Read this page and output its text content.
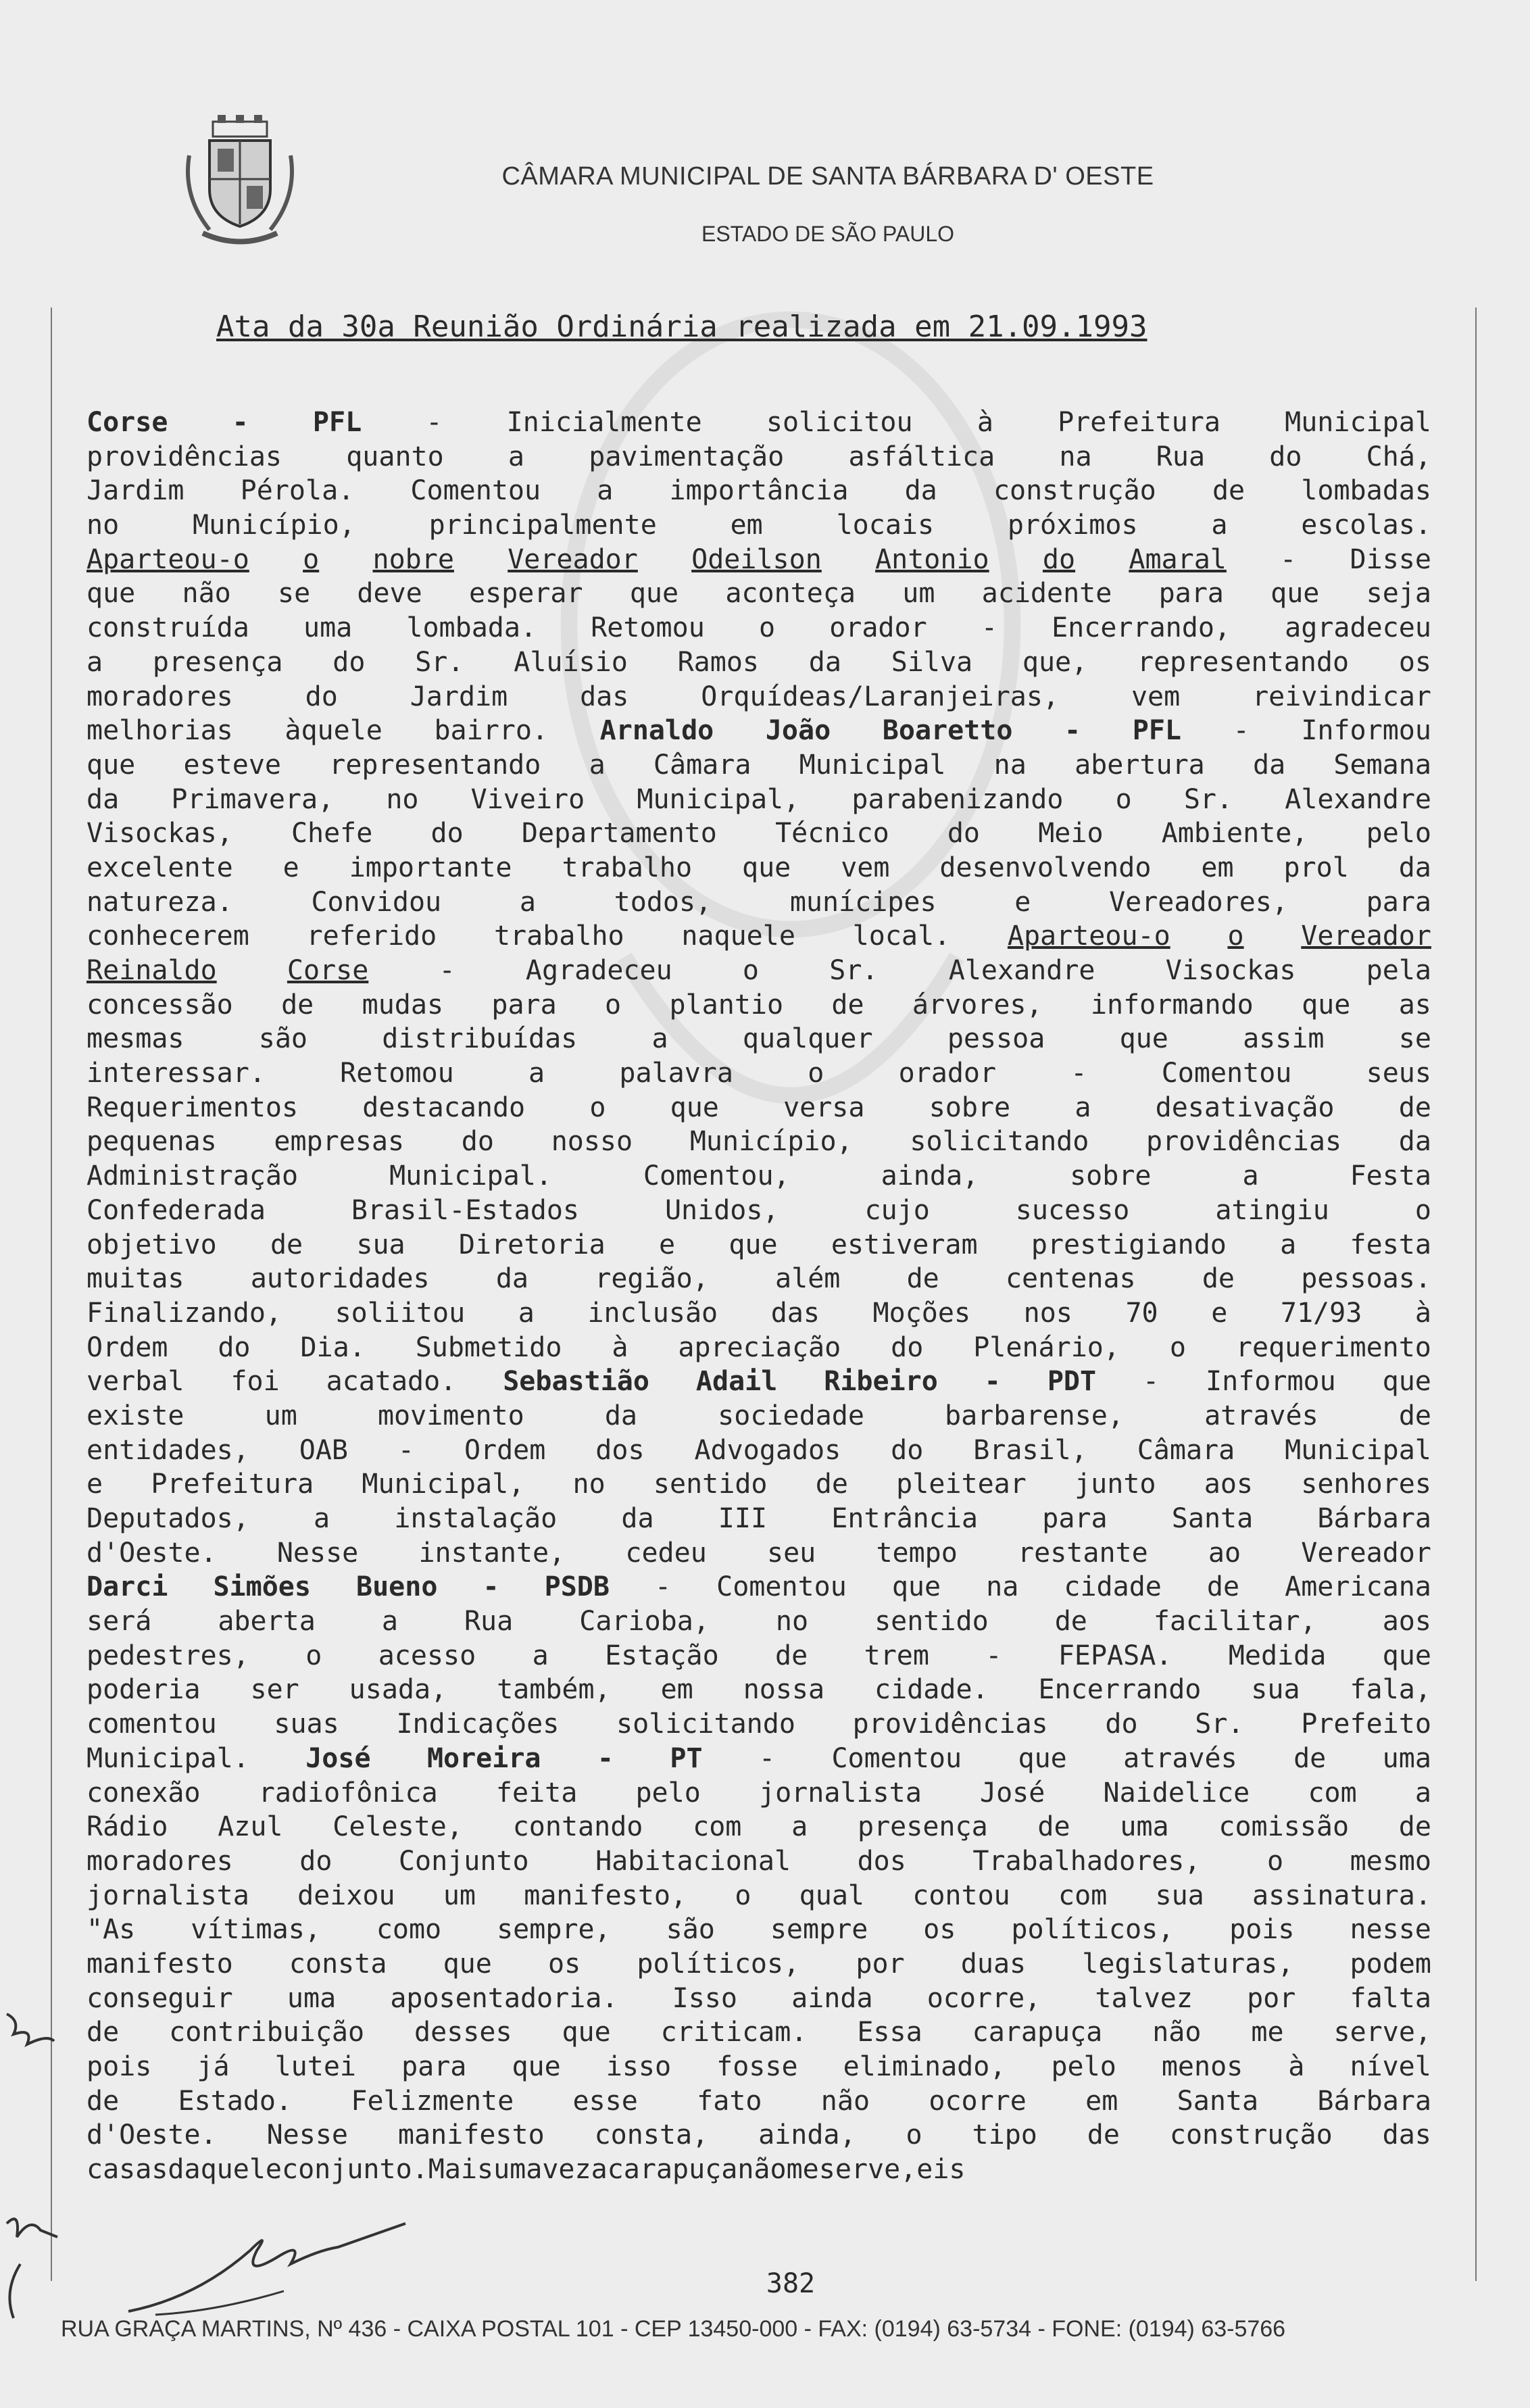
CÂMARA MUNICIPAL DE SANTA BÁRBARA D' OESTE
ESTADO DE SÃO PAULO
Ata da 30a Reunião Ordinária realizada em 21.09.1993
Corse - PFL - Inicialmente solicitou à Prefeitura Municipal
providências quanto a pavimentação asfáltica na Rua do Chá,
Jardim Pérola. Comentou a importância da construção de lombadas
no	Município,	principalmente	em	locais	próximos	a	escolas.
Aparteou-o o nobre Vereador Odeilson Antonio do Amaral - Disse
que não se deve esperar que aconteça um acidente para que seja
construída uma lombada. Retomou o orador - Encerrando, agradeceu
a presença do Sr. Aluísio Ramos da Silva que, representando os
moradores	do	Jardim	das	Orquídeas/Laranjeiras,	vem	reivindicar
melhorias àquele bairro. Arnaldo João Boaretto - PFL - Informou
que esteve representando a Câmara Municipal na abertura da Semana
da Primavera, no Viveiro Municipal, parabenizando o Sr. Alexandre
Visockas, Chefe do Departamento Técnico do Meio Ambiente, pelo
excelente e importante trabalho que vem desenvolvendo em prol da
natureza.	Convidou	a	todos,	munícipes	e	Vereadores,	para
conhecerem referido trabalho naquele local. Aparteou-o o Vereador
Reinaldo	Corse	-	Agradeceu	o	Sr.	Alexandre	Visockas	pela
concessão de mudas para o plantio de árvores, informando que as
mesmas	são	distribuídas	a	qualquer	pessoa	que	assim	se
interessar.	Retomou	a	palavra	o	orador	-	Comentou	seus
Requerimentos destacando o que versa sobre a desativação de
pequenas empresas do nosso Município, solicitando providências da
Administração	Municipal.	Comentou,	ainda,	sobre	a	Festa
Confederada	Brasil-Estados	Unidos,	cujo	sucesso	atingiu	o
objetivo de sua Diretoria e que estiveram prestigiando a festa
muitas autoridades da região, além de centenas de pessoas.
Finalizando, soliitou a inclusão das Moções nos 70 e 71/93 à
Ordem do Dia. Submetido à apreciação do Plenário, o requerimento
verbal foi acatado. Sebastião Adail Ribeiro - PDT - Informou que
existe	um	movimento	da	sociedade	barbarense,	através	de
entidades, OAB - Ordem dos Advogados do Brasil, Câmara Municipal
e Prefeitura Municipal, no sentido de pleitear junto aos senhores
Deputados, a instalação da III Entrância para Santa Bárbara
d'Oeste. Nesse instante, cedeu seu tempo restante ao Vereador
Darci Simões Bueno - PSDB - Comentou que na cidade de Americana
será aberta a Rua Carioba, no sentido de facilitar, aos
pedestres, o acesso a Estação de trem - FEPASA. Medida que
poderia ser usada, também, em nossa cidade. Encerrando sua fala,
comentou suas Indicações solicitando providências do Sr. Prefeito
Municipal. José Moreira - PT - Comentou que através de uma
conexão radiofônica feita pelo jornalista José Naidelice com a
Rádio Azul Celeste, contando com a presença de uma comissão de
moradores do Conjunto Habitacional dos Trabalhadores, o mesmo
jornalista deixou um manifesto, o qual contou com sua assinatura.
"As vítimas, como sempre, são sempre os políticos, pois nesse
manifesto consta que os políticos, por duas legislaturas, podem
conseguir uma aposentadoria. Isso ainda ocorre, talvez por falta
de contribuição desses que criticam. Essa carapuça não me serve,
pois já lutei para que isso fosse eliminado, pelo menos à nível
de Estado. Felizmente esse fato não ocorre em Santa Bárbara
d'Oeste. Nesse manifesto consta, ainda, o tipo de construção das
casas daquele conjunto. Mais uma vez a carapuça não me serve, eis
382
RUA GRAÇA MARTINS, Nº 436 - CAIXA POSTAL 101 - CEP 13450-000 - FAX: (0194) 63-5734 - FONE: (0194) 63-5766
